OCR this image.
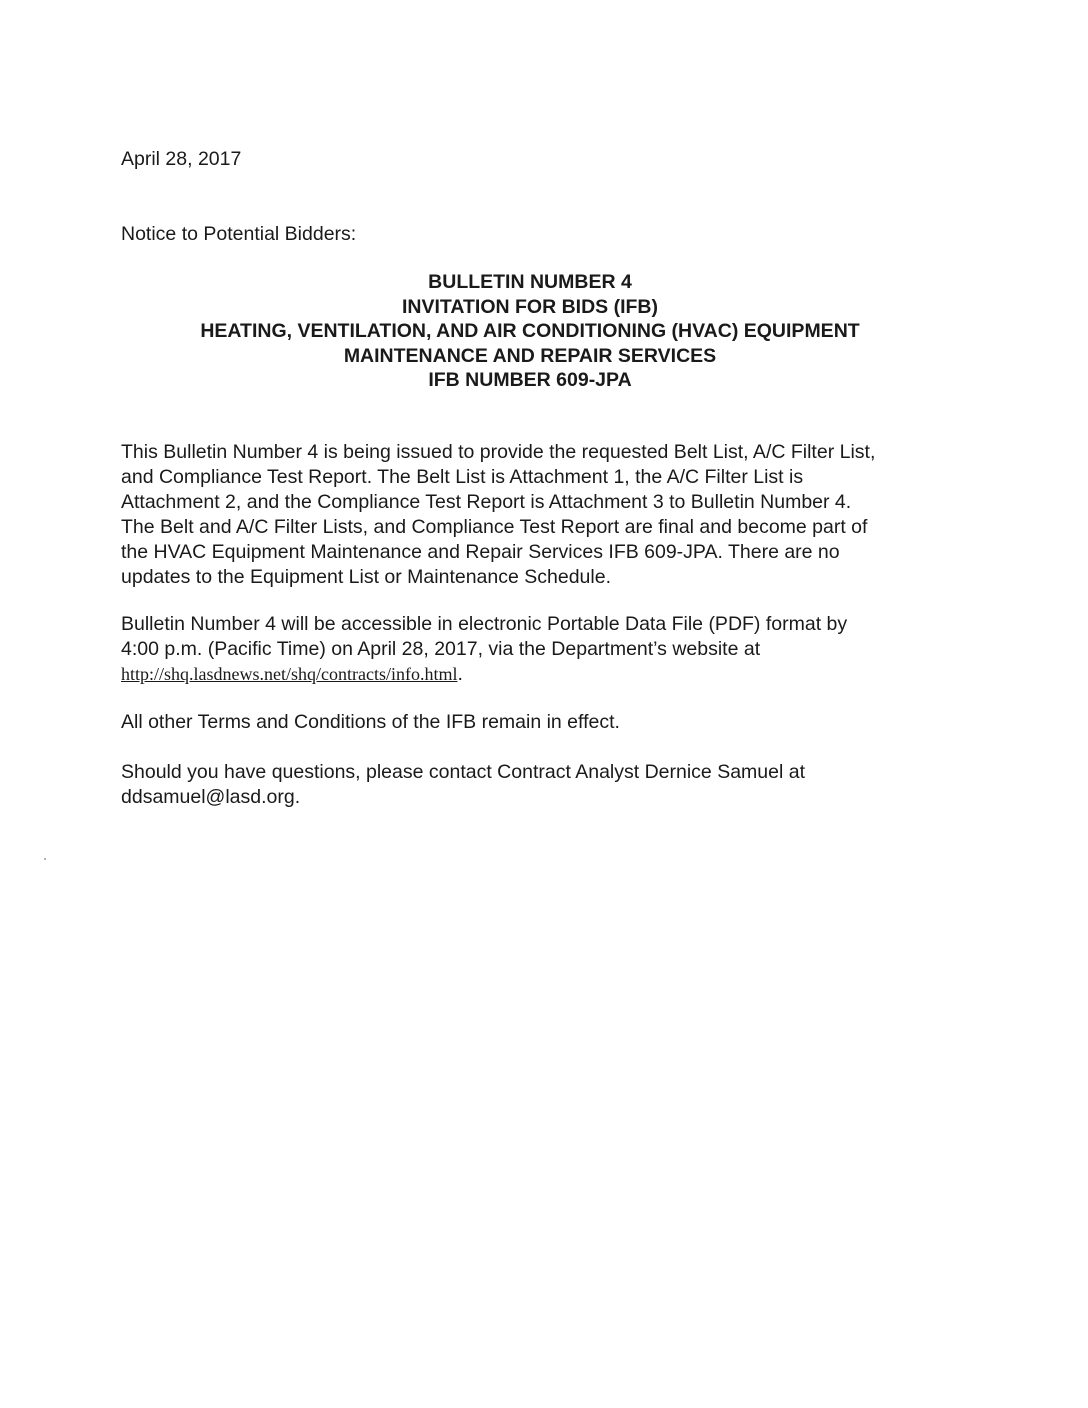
April 28, 2017
Notice to Potential Bidders:
BULLETIN NUMBER 4
INVITATION FOR BIDS (IFB)
HEATING, VENTILATION, AND AIR CONDITIONING (HVAC) EQUIPMENT
MAINTENANCE AND REPAIR SERVICES
IFB NUMBER 609-JPA
This Bulletin Number 4 is being issued to provide the requested Belt List, A/C Filter List,
and Compliance Test Report. The Belt List is Attachment 1, the A/C Filter List is
Attachment 2, and the Compliance Test Report is Attachment 3 to Bulletin Number 4.
The Belt and A/C Filter Lists, and Compliance Test Report are final and become part of
the HVAC Equipment Maintenance and Repair Services IFB 609-JPA. There are no
updates to the Equipment List or Maintenance Schedule.
Bulletin Number 4 will be accessible in electronic Portable Data File (PDF) format by
4:00 p.m. (Pacific Time) on April 28, 2017, via the Department’s website at
http://shq.lasdnews.net/shq/contracts/info.html.
All other Terms and Conditions of the IFB remain in effect.
Should you have questions, please contact Contract Analyst Dernice Samuel at
ddsamuel@lasd.org.
